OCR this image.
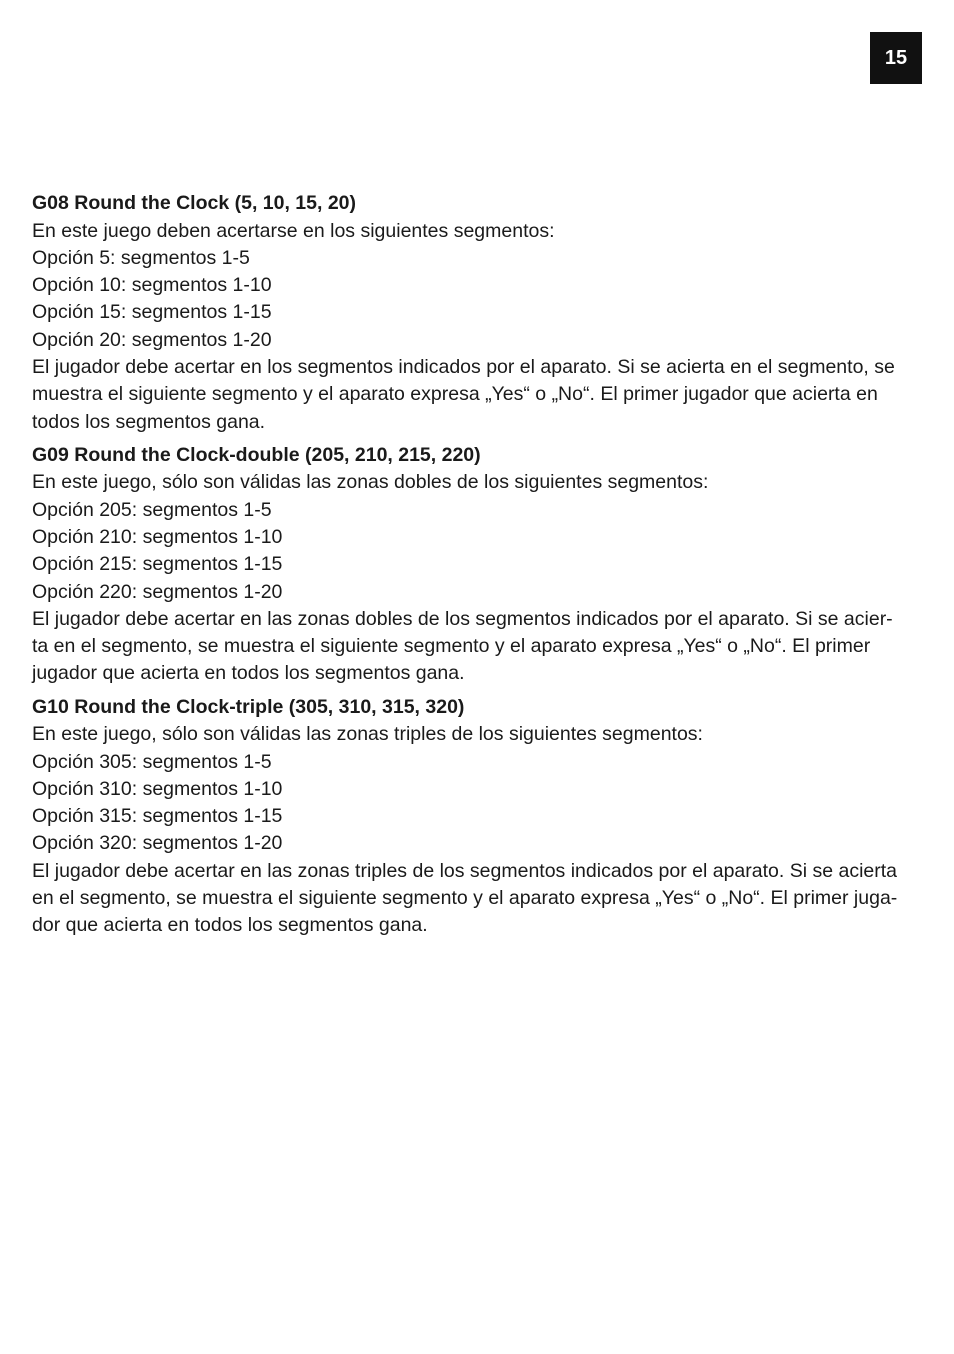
15

G08 Round the Clock (5, 10, 15, 20)

En este juego deben acertarse en los siguientes segmentos:

Opción 5: segmentos 1-5

Opción 10: segmentos 1-10

Opción 15: segmentos 1-15

Opción 20: segmentos 1-20

El jugador debe acertar en los segmentos indicados por el aparato. Si se acierta en el segmento, se
muestra el siguiente segmento y el aparato expresa „Yes“ o „No“. El primer jugador que acierta en
todos los segmentos gana.

G09 Round the Clock-double (205, 210, 215, 220)

En este juego, sólo son válidas las zonas dobles de los siguientes segmentos:

Opción 205: segmentos 1-5

Opción 210: segmentos 1-10

Opción 215: segmentos 1-15

Opción 220: segmentos 1-20

El jugador debe acertar en las zonas dobles de los segmentos indicados por el aparato. Si se acier-
ta en el segmento, se muestra el siguiente segmento y el aparato expresa „Yes“ o „No“. El primer
jugador que acierta en todos los segmentos gana.

G10 Round the Clock-triple (305, 310, 315, 320)

En este juego, sólo son válidas las zonas triples de los siguientes segmentos:

Opción 305: segmentos 1-5

Opción 310: segmentos 1-10

Opción 315: segmentos 1-15

Opción 320: segmentos 1-20

El jugador debe acertar en las zonas triples de los segmentos indicados por el aparato. Si se acierta
en el segmento, se muestra el siguiente segmento y el aparato expresa „Yes“ o „No“. El primer juga-
dor que acierta en todos los segmentos gana.
